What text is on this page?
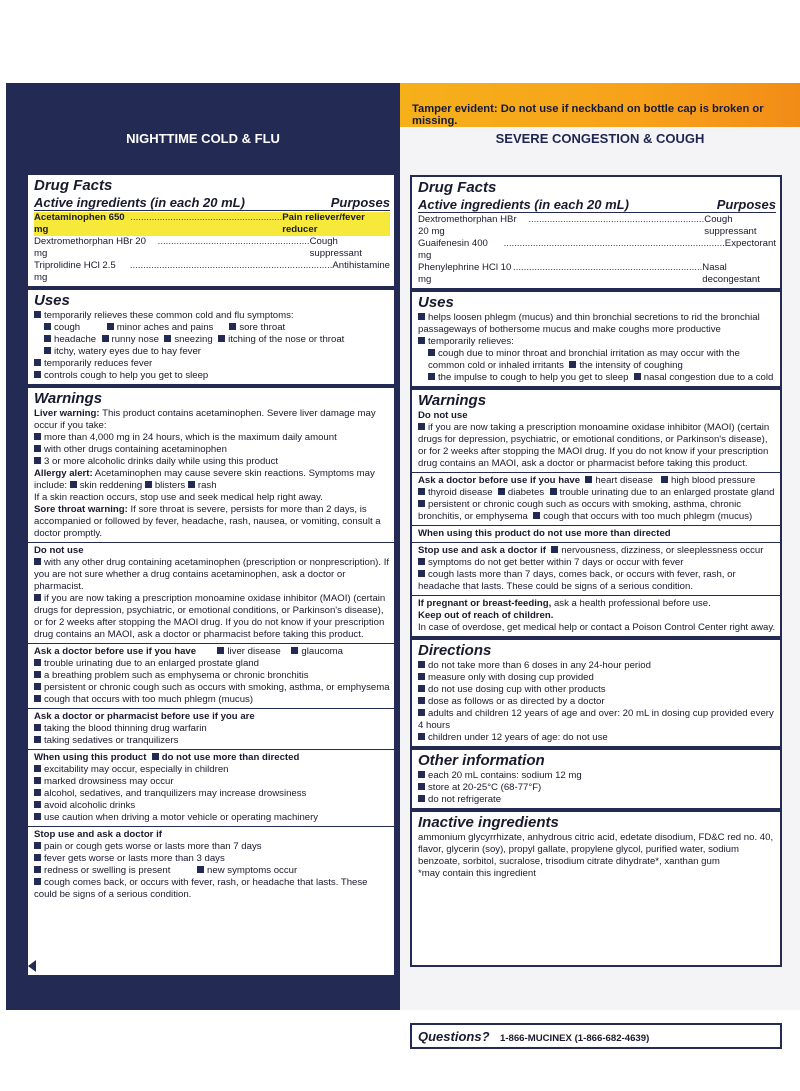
Tamper evident: Do not use if neckband on bottle cap is broken or missing.
NIGHTTIME COLD & FLU	SEVERE CONGESTION & COUGH
Drug Facts
Active ingredients (in each 20 mL)	Purposes
Acetaminophen 650 mg
......................................................... Pain reliever/fever reducer
Dextromethorphan HBr 20 mg
......................................................... Cough suppressant
Triprolidine HCl 2.5 mg
............................................................................ Antihistamine
Uses
temporarily relieves these common cold and flu symptoms:
cough	minor aches and pains	sore throat
headache runny nose sneezing itching of the nose or throat
itchy, watery eyes due to hay fever
temporarily reduces fever
controls cough to help you get to sleep
Warnings
Liver warning: This product contains acetaminophen. Severe liver damage may occur if you take:
more than 4,000 mg in 24 hours, which is the maximum daily amount
with other drugs containing acetaminophen
3 or more alcoholic drinks daily while using this product
Allergy alert: Acetaminophen may cause severe skin reactions. Symptoms may include: skin reddening blisters rash
If a skin reaction occurs, stop use and seek medical help right away.
Sore throat warning: If sore throat is severe, persists for more than 2 days, is accompanied or followed by fever, headache, rash, nausea, or vomiting, consult a doctor promptly.
Do not use
with any other drug containing acetaminophen (prescription or nonprescription). If you are not sure whether a drug contains acetaminophen, ask a doctor or pharmacist.
if you are now taking a prescription monoamine oxidase inhibitor (MAOI) (certain drugs for depression, psychiatric, or emotional conditions, or Parkinson's disease), or for 2 weeks after stopping the MAOI drug. If you do not know if your prescription drug contains an MAOI, ask a doctor or pharmacist before taking this product.
Ask a doctor before use if you have	liver disease glaucoma
trouble urinating due to an enlarged prostate gland
a breathing problem such as emphysema or chronic bronchitis
persistent or chronic cough such as occurs with smoking, asthma, or emphysema
cough that occurs with too much phlegm (mucus)
Ask a doctor or pharmacist before use if you are
taking the blood thinning drug warfarin
taking sedatives or tranquilizers
When using this product do not use more than directed
excitability may occur, especially in children
marked drowsiness may occur
alcohol, sedatives, and tranquilizers may increase drowsiness
avoid alcoholic drinks
use caution when driving a motor vehicle or operating machinery
Stop use and ask a doctor if
pain or cough gets worse or lasts more than 7 days
fever gets worse or lasts more than 3 days
redness or swelling is present	new symptoms occur
cough comes back, or occurs with fever, rash, or headache that lasts. These could be signs of a serious condition.
Drug Facts
Active ingredients (in each 20 mL)	Purposes
Dextromethorphan HBr 20 mg
.................................................................. Cough suppressant
Guaifenesin 400 mg
................................................................................... Expectorant
Phenylephrine HCl 10 mg
....................................................................... Nasal decongestant
Uses
helps loosen phlegm (mucus) and thin bronchial secretions to rid the bronchial passageways of bothersome mucus and make coughs more productive
temporarily relieves:
cough due to minor throat and bronchial irritation as may occur with the common cold or inhaled irritants the intensity of coughing
the impulse to cough to help you get to sleep nasal congestion due to a cold
Warnings
Do not use
if you are now taking a prescription monoamine oxidase inhibitor (MAOI) (certain drugs for depression, psychiatric, or emotional conditions, or Parkinson's disease), or for 2 weeks after stopping the MAOI drug. If you do not know if your prescription drug contains an MAOI, ask a doctor or pharmacist before taking this product.
Ask a doctor before use if you have heart disease high blood pressure
thyroid disease diabetes trouble urinating due to an enlarged prostate gland
persistent or chronic cough such as occurs with smoking, asthma, chronic bronchitis, or emphysema cough that occurs with too much phlegm (mucus)
When using this product do not use more than directed
Stop use and ask a doctor if nervousness, dizziness, or sleeplessness occur
symptoms do not get better within 7 days or occur with fever
cough lasts more than 7 days, comes back, or occurs with fever, rash, or headache that lasts. These could be signs of a serious condition.
If pregnant or breast-feeding, ask a health professional before use.
Keep out of reach of children.
In case of overdose, get medical help or contact a Poison Control Center right away.
Directions
do not take more than 6 doses in any 24-hour period
measure only with dosing cup provided
do not use dosing cup with other products
dose as follows or as directed by a doctor
adults and children 12 years of age and over: 20 mL in dosing cup provided every 4 hours
children under 12 years of age: do not use
Other information
each 20 mL contains: sodium 12 mg
store at 20-25°C (68-77°F)
do not refrigerate
Inactive ingredients
ammonium glycyrrhizate, anhydrous citric acid, edetate disodium, FD&C red no. 40, flavor, glycerin (soy), propyl gallate, propylene glycol, purified water, sodium benzoate, sorbitol, sucralose, trisodium citrate dihydrate*, xanthan gum
*may contain this ingredient
Questions? 1-866-MUCINEX (1-866-682-4639)
